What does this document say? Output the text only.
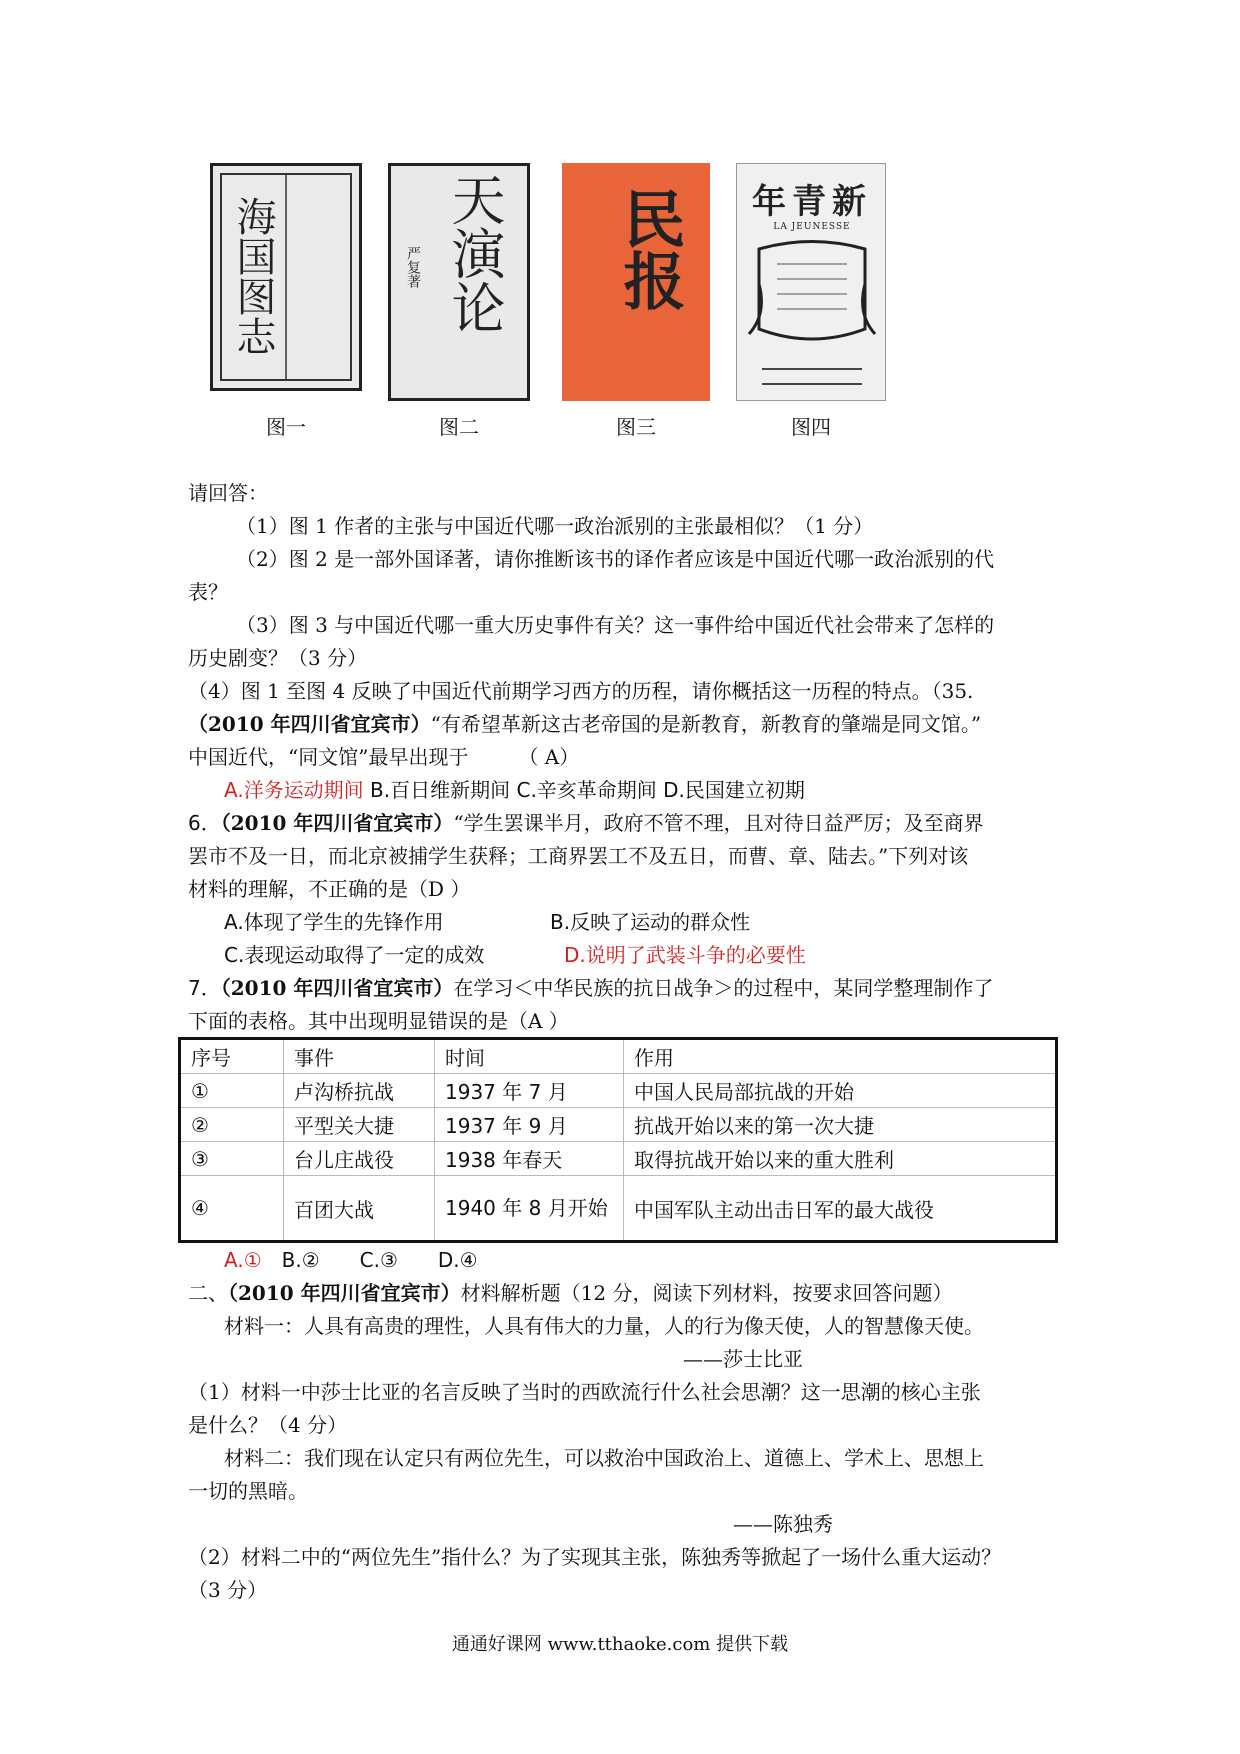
海国图志
图一
天演论
严复著
图二
民报
图三
新青年
LA JEUNESSE
图四
请回答：
（1）图 1 作者的主张与中国近代哪一政治派别的主张最相似？（1 分）
（2）图 2 是一部外国译著，请你推断该书的译作者应该是中国近代哪一政治派别的代
表？
（3）图 3 与中国近代哪一重大历史事件有关？这一事件给中国近代社会带来了怎样的
历史剧变？（3 分）
（4）图 1 至图 4 反映了中国近代前期学习西方的历程，请你概括这一历程的特点。（35.
（2010 年四川省宜宾市）“有希望革新这古老帝国的是新教育，新教育的肇端是同文馆。”
中国近代，“同文馆”最早出现于　　　（ A）
A.洋务运动期间 B.百日维新期间 C.辛亥革命期间 D.民国建立初期
6．（2010 年四川省宜宾市）“学生罢课半月，政府不管不理，且对待日益严厉；及至商界
罢市不及一日，而北京被捕学生获释；工商界罢工不及五日，而曹、章、陆去。”下列对该
材料的理解，不正确的是（D ）
A.体现了学生的先锋作用	B.反映了运动的群众性
C.表现运动取得了一定的成效	D.说明了武装斗争的必要性
7．（2010 年四川省宜宾市）在学习＜中华民族的抗日战争＞的过程中，某同学整理制作了
下面的表格。其中出现明显错误的是（A ）
序号	事件	时间	作用
①	卢沟桥抗战	1937 年 7 月	中国人民局部抗战的开始
②	平型关大捷	1937 年 9 月	抗战开始以来的第一次大捷
③	台儿庄战役	1938 年春天	取得抗战开始以来的重大胜利
④	百团大战	1940 年 8 月开始	中国军队主动出击日军的最大战役
A.①　B.②　　C.③　　D.④
二、（2010 年四川省宜宾市）材料解析题（12 分，阅读下列材料，按要求回答问题）
材料一：人具有高贵的理性，人具有伟大的力量，人的行为像天使，人的智慧像天使。
——莎士比亚
（1）材料一中莎士比亚的名言反映了当时的西欧流行什么社会思潮？这一思潮的核心主张
是什么？（4 分）
材料二：我们现在认定只有两位先生，可以救治中国政治上、道德上、学术上、思想上
一切的黑暗。
——陈独秀
（2）材料二中的“两位先生”指什么？为了实现其主张，陈独秀等掀起了一场什么重大运动？
（3 分）
通通好课网 www.tthaoke.com 提供下载
